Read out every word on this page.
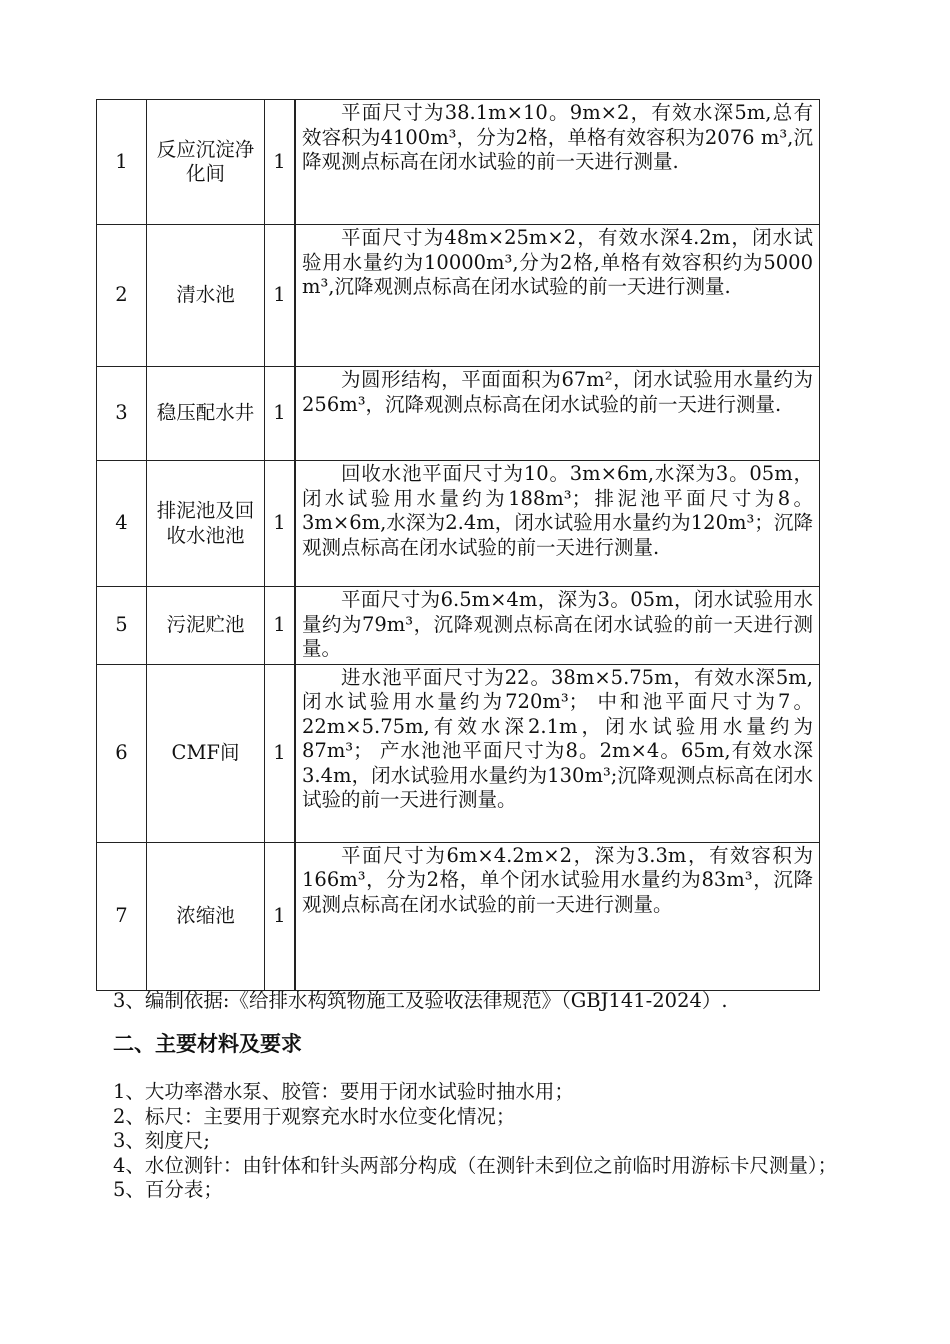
1	反应沉淀净化间	1		平面尺寸为38.1m×10。9m×2，有效水深5m,总有效容积为4100m³，分为2格，单格有效容积为2076 m³,沉降观测点标高在闭水试验的前一天进行测量.

2	清水池	1		平面尺寸为48m×25m×2，有效水深4.2m，闭水试验用水量约为10000m³,分为2格,单格有效容积约为5000 m³,沉降观测点标高在闭水试验的前一天进行测量.

3	稳压配水井	1		为圆形结构，平面面积为67m²，闭水试验用水量约为256m³，沉降观测点标高在闭水试验的前一天进行测量.

4	排泥池及回收水池池	1		回收水池平面尺寸为10。3m×6m,水深为3。05m，闭水试验用水量约为188m³；排泥池平面尺寸为8。3m×6m,水深为2.4m，闭水试验用水量约为120m³；沉降观测点标高在闭水试验的前一天进行测量.

5	污泥贮池	1		平面尺寸为6.5m×4m，深为3。05m，闭水试验用水量约为79m³，沉降观测点标高在闭水试验的前一天进行测量。

6	CMF间	1		进水池平面尺寸为22。38m×5.75m，有效水深5m,闭水试验用水量约为720m³； 中和池平面尺寸为7。22m×5.75m,有效水深2.1m，闭水试验用水量约为87m³； 产水池池平面尺寸为8。2m×4。65m,有效水深3.4m，闭水试验用水量约为130m³;沉降观测点标高在闭水试验的前一天进行测量。

7	浓缩池	1		平面尺寸为6m×4.2m×2，深为3.3m，有效容积为166m³，分为2格，单个闭水试验用水量约为83m³，沉降观测点标高在闭水试验的前一天进行测量。
3、编制依据:《给排水构筑物施工及验收法律规范》（GBJ141-2024）.
二、主要材料及要求
1、大功率潜水泵、胶管：要用于闭水试验时抽水用；
2、标尺：主要用于观察充水时水位变化情况；
3、刻度尺;
4、水位测针：由针体和针头两部分构成（在测针未到位之前临时用游标卡尺测量）；
5、百分表；
